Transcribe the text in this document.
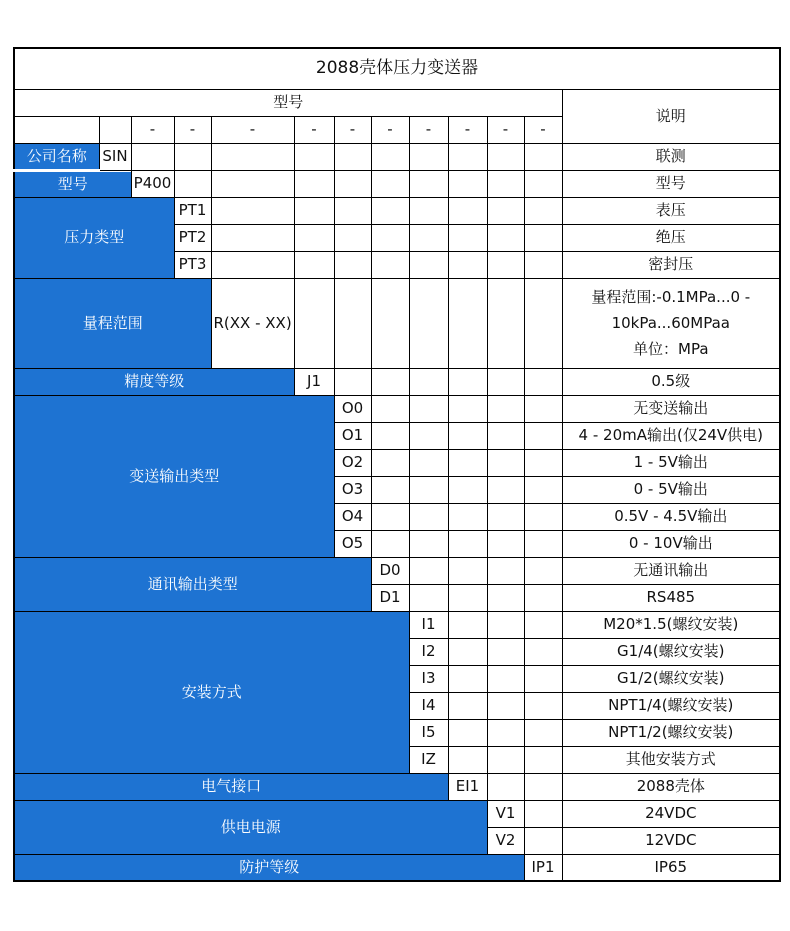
2088壳体压力变送器												
型号												说明
		-	-	-	-	-	-	-	-	-	-	
公司名称	SIN											联测
型号		P400										型号
压力类型			PT1									表压
			PT2									绝压
			PT3									密封压
量程范围				R(XX - XX)								量程范围:-0.1MPa...0 - 10kPa...60MPaa
单位：MPa

精度等级					J1							0.5级
变送输出类型						O0						无变送输出
						O1						4 - 20mA输出(仅24V供电)
						O2						1 - 5V输出
						O3						0 - 5V输出
						O4						0.5V - 4.5V输出
						O5						0 - 10V输出
通讯输出类型							D0					无通讯输出
							D1					RS485
安装方式								I1				M20*1.5(螺纹安装)
								I2				G1/4(螺纹安装)
								I3				G1/2(螺纹安装)
								I4				NPT1/4(螺纹安装)
								I5				NPT1/2(螺纹安装)
								IZ				其他安装方式
电气接口									EI1			2088壳体
供电电源										V1		24VDC
										V2		12VDC
防护等级											IP1	IP65
